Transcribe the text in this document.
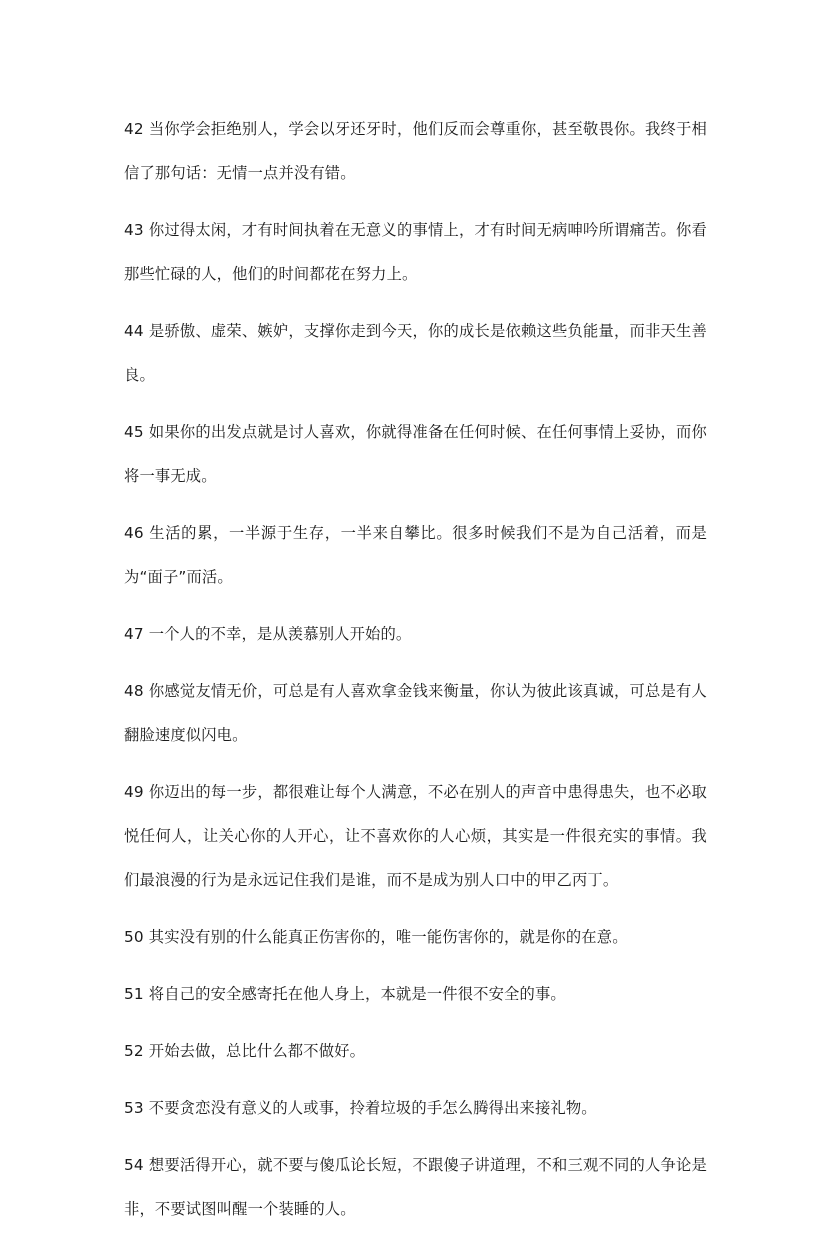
42 当你学会拒绝别人，学会以牙还牙时，他们反而会尊重你，甚至敬畏你。我终于相信了那句话：无情一点并没有错。

43 你过得太闲，才有时间执着在无意义的事情上，才有时间无病呻吟所谓痛苦。你看那些忙碌的人，他们的时间都花在努力上。

44 是骄傲、虚荣、嫉妒，支撑你走到今天，你的成长是依赖这些负能量，而非天生善良。

45 如果你的出发点就是讨人喜欢，你就得准备在任何时候、在任何事情上妥协，而你将一事无成。

46 生活的累，一半源于生存，一半来自攀比。很多时候我们不是为自己活着，而是为“面子”而活。

47 一个人的不幸，是从羡慕别人开始的。

48 你感觉友情无价，可总是有人喜欢拿金钱来衡量，你认为彼此该真诚，可总是有人翻脸速度似闪电。

49 你迈出的每一步，都很难让每个人满意，不必在别人的声音中患得患失，也不必取悦任何人，让关心你的人开心，让不喜欢你的人心烦，其实是一件很充实的事情。我们最浪漫的行为是永远记住我们是谁，而不是成为别人口中的甲乙丙丁。

50 其实没有别的什么能真正伤害你的，唯一能伤害你的，就是你的在意。

51 将自己的安全感寄托在他人身上，本就是一件很不安全的事。

52 开始去做，总比什么都不做好。

53 不要贪恋没有意义的人或事，拎着垃圾的手怎么腾得出来接礼物。

54 想要活得开心，就不要与傻瓜论长短，不跟傻子讲道理，不和三观不同的人争论是非，不要试图叫醒一个装睡的人。
